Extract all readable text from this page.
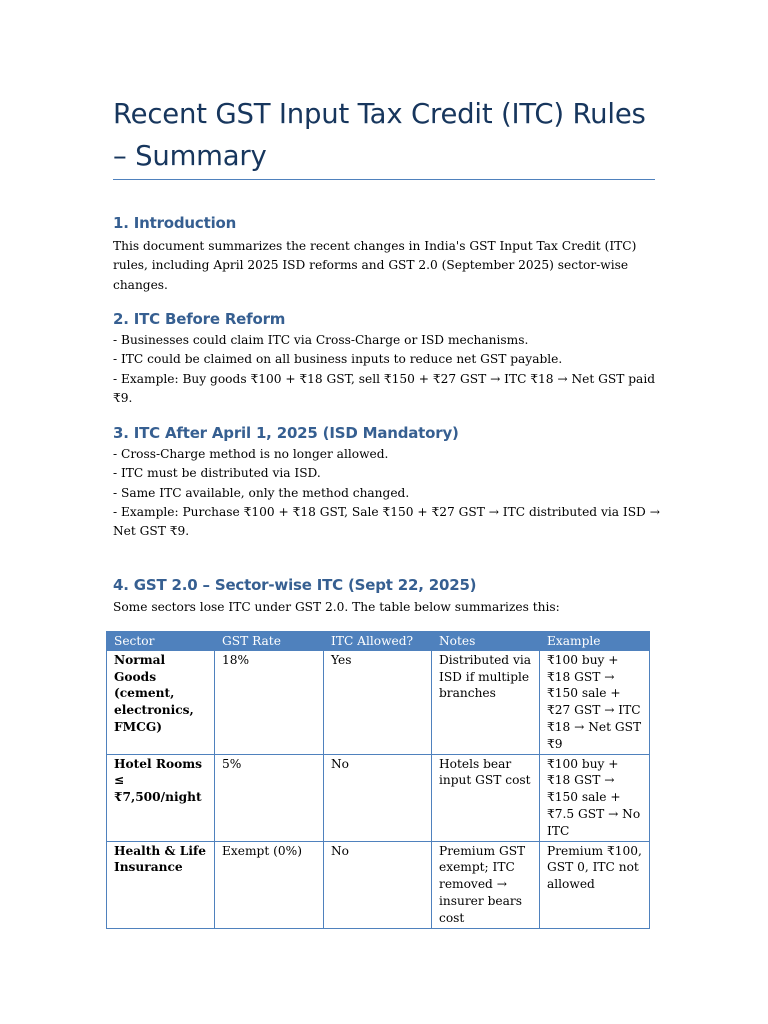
Recent GST Input Tax Credit (ITC) Rules – Summary
1. Introduction

This document summarizes the recent changes in India's GST Input Tax Credit (ITC) rules, including April 2025 ISD reforms and GST 2.0 (September 2025) sector-wise changes.

2. ITC Before Reform

- Businesses could claim ITC via Cross-Charge or ISD mechanisms.

- ITC could be claimed on all business inputs to reduce net GST payable.

- Example: Buy goods ₹100 + ₹18 GST, sell ₹150 + ₹27 GST → ITC ₹18 → Net GST paid ₹9.

3. ITC After April 1, 2025 (ISD Mandatory)

- Cross-Charge method is no longer allowed.

- ITC must be distributed via ISD.

- Same ITC available, only the method changed.

- Example: Purchase ₹100 + ₹18 GST, Sale ₹150 + ₹27 GST → ITC distributed via ISD → Net GST ₹9.

4. GST 2.0 – Sector-wise ITC (Sept 22, 2025)

Some sectors lose ITC under GST 2.0. The table below summarizes this:

Sector	GST Rate	ITC Allowed?	Notes	Example
Normal Goods (cement, electronics, FMCG)	18%	Yes	Distributed via ISD if multiple branches	₹100 buy + ₹18 GST → ₹150 sale + ₹27 GST → ITC ₹18 → Net GST ₹9
Hotel Rooms ≤ ₹7,500/night	5%	No	Hotels bear input GST cost	₹100 buy + ₹18 GST → ₹150 sale + ₹7.5 GST → No ITC
Health & Life Insurance	Exempt (0%)	No	Premium GST exempt; ITC removed → insurer bears cost	Premium ₹100, GST 0, ITC not allowed
